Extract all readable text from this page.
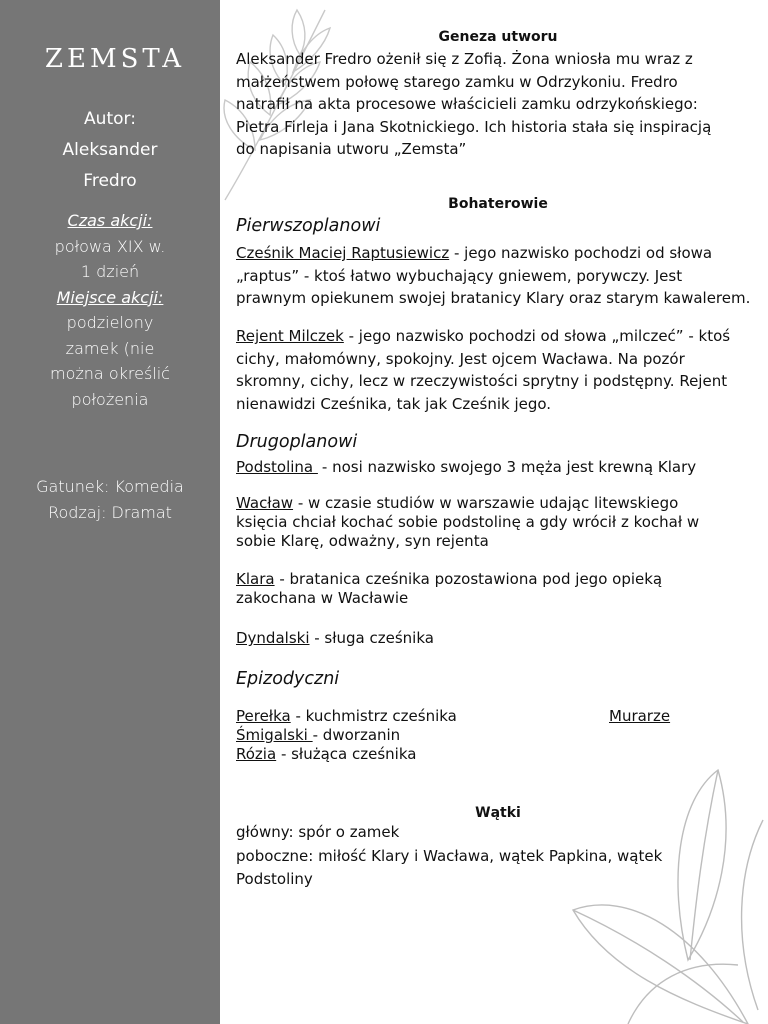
ZEMSTA
Autor:
Aleksander
Fredro
Czas akcji:
połowa XIX w.
1 dzień
Miejsce akcji:
podzielony
zamek (nie
można określić
położenia
Gatunek: Komedia
Rodzaj: Dramat
Geneza utworu
Aleksander Fredro ożenił się z Zofią. Żona wniosła mu wraz z
małżeństwem połowę starego zamku w Odrzykoniu. Fredro
natrafił na akta procesowe właścicieli zamku odrzykońskiego:
Pietra Firleja i Jana Skotnickiego. Ich historia stała się inspiracją
do napisania utworu „Zemsta”
Bohaterowie
Pierwszoplanowi
Cześnik Maciej Raptusiewicz - jego nazwisko pochodzi od słowa
„raptus” - ktoś łatwo wybuchający gniewem, porywczy. Jest
prawnym opiekunem swojej bratanicy Klary oraz starym kawalerem.
Rejent Milczek - jego nazwisko pochodzi od słowa „milczeć” - ktoś
cichy, małomówny, spokojny. Jest ojcem Wacława. Na pozór
skromny, cichy, lecz w rzeczywistości sprytny i podstępny. Rejent
nienawidzi Cześnika, tak jak Cześnik jego.
Drugoplanowi
Podstolina - nosi nazwisko swojego 3 męża jest krewną Klary
Wacław - w czasie studiów w warszawie udając litewskiego
księcia chciał kochać sobie podstolinę a gdy wrócił z kochał w
sobie Klarę, odważny, syn rejenta
Klara - bratanica cześnika pozostawiona pod jego opieką
zakochana w Wacławie
Dyndalski - sługa cześnika
Epizodyczni
Perełka - kuchmistrz cześnika	Murarze
Śmigalski - dworzanin
Rózia - służąca cześnika
Wątki
główny: spór o zamek
poboczne: miłość Klary i Wacława, wątek Papkina, wątek
Podstoliny
